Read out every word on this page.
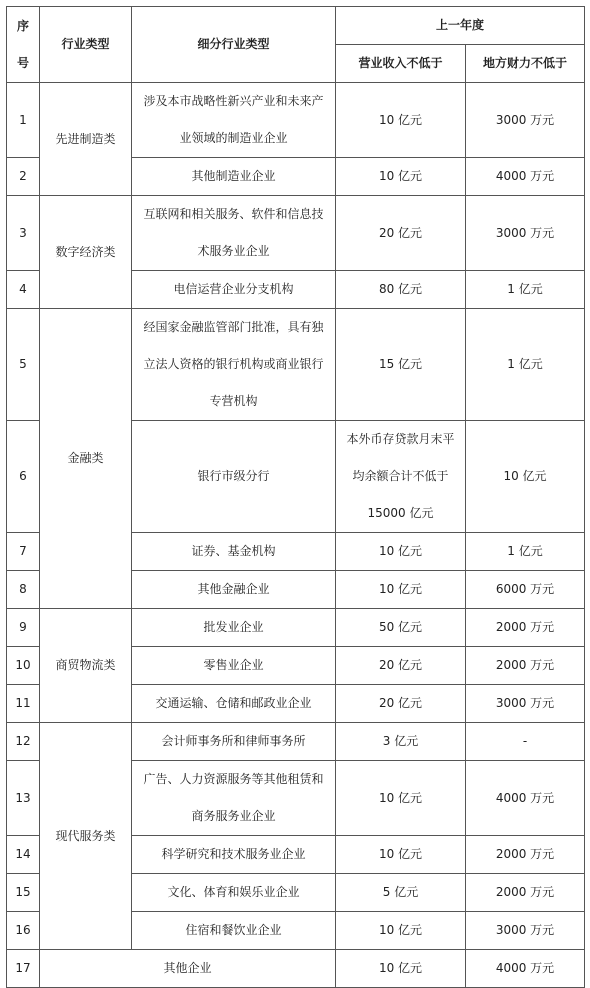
序
号	行业类型	细分行业类型	上一年度	
			营业收入不低于	地方财力不低于
1	先进制造类	涉及本市战略性新兴产业和未来产业领域的制造业企业	10 亿元	3000 万元
2		其他制造业企业	10 亿元	4000 万元
3	数字经济类	互联网和相关服务、软件和信息技术服务业企业	20 亿元	3000 万元
4		电信运营企业分支机构	80 亿元	1 亿元
5	金融类	经国家金融监管部门批准，具有独立法人资格的银行机构或商业银行专营机构	15 亿元	1 亿元
6		银行市级分行	本外币存贷款月末平均余额合计不低于 15000 亿元	10 亿元
7		证券、基金机构	10 亿元	1 亿元
8		其他金融企业	10 亿元	6000 万元
9	商贸物流类	批发业企业	50 亿元	2000 万元
10		零售业企业	20 亿元	2000 万元
11		交通运输、仓储和邮政业企业	20 亿元	3000 万元
12	现代服务类	会计师事务所和律师事务所	3 亿元	-
13		广告、人力资源服务等其他租赁和商务服务业企业	10 亿元	4000 万元
14		科学研究和技术服务业企业	10 亿元	2000 万元
15		文化、体育和娱乐业企业	5 亿元	2000 万元
16		住宿和餐饮业企业	10 亿元	3000 万元
17	其他企业		10 亿元	4000 万元
